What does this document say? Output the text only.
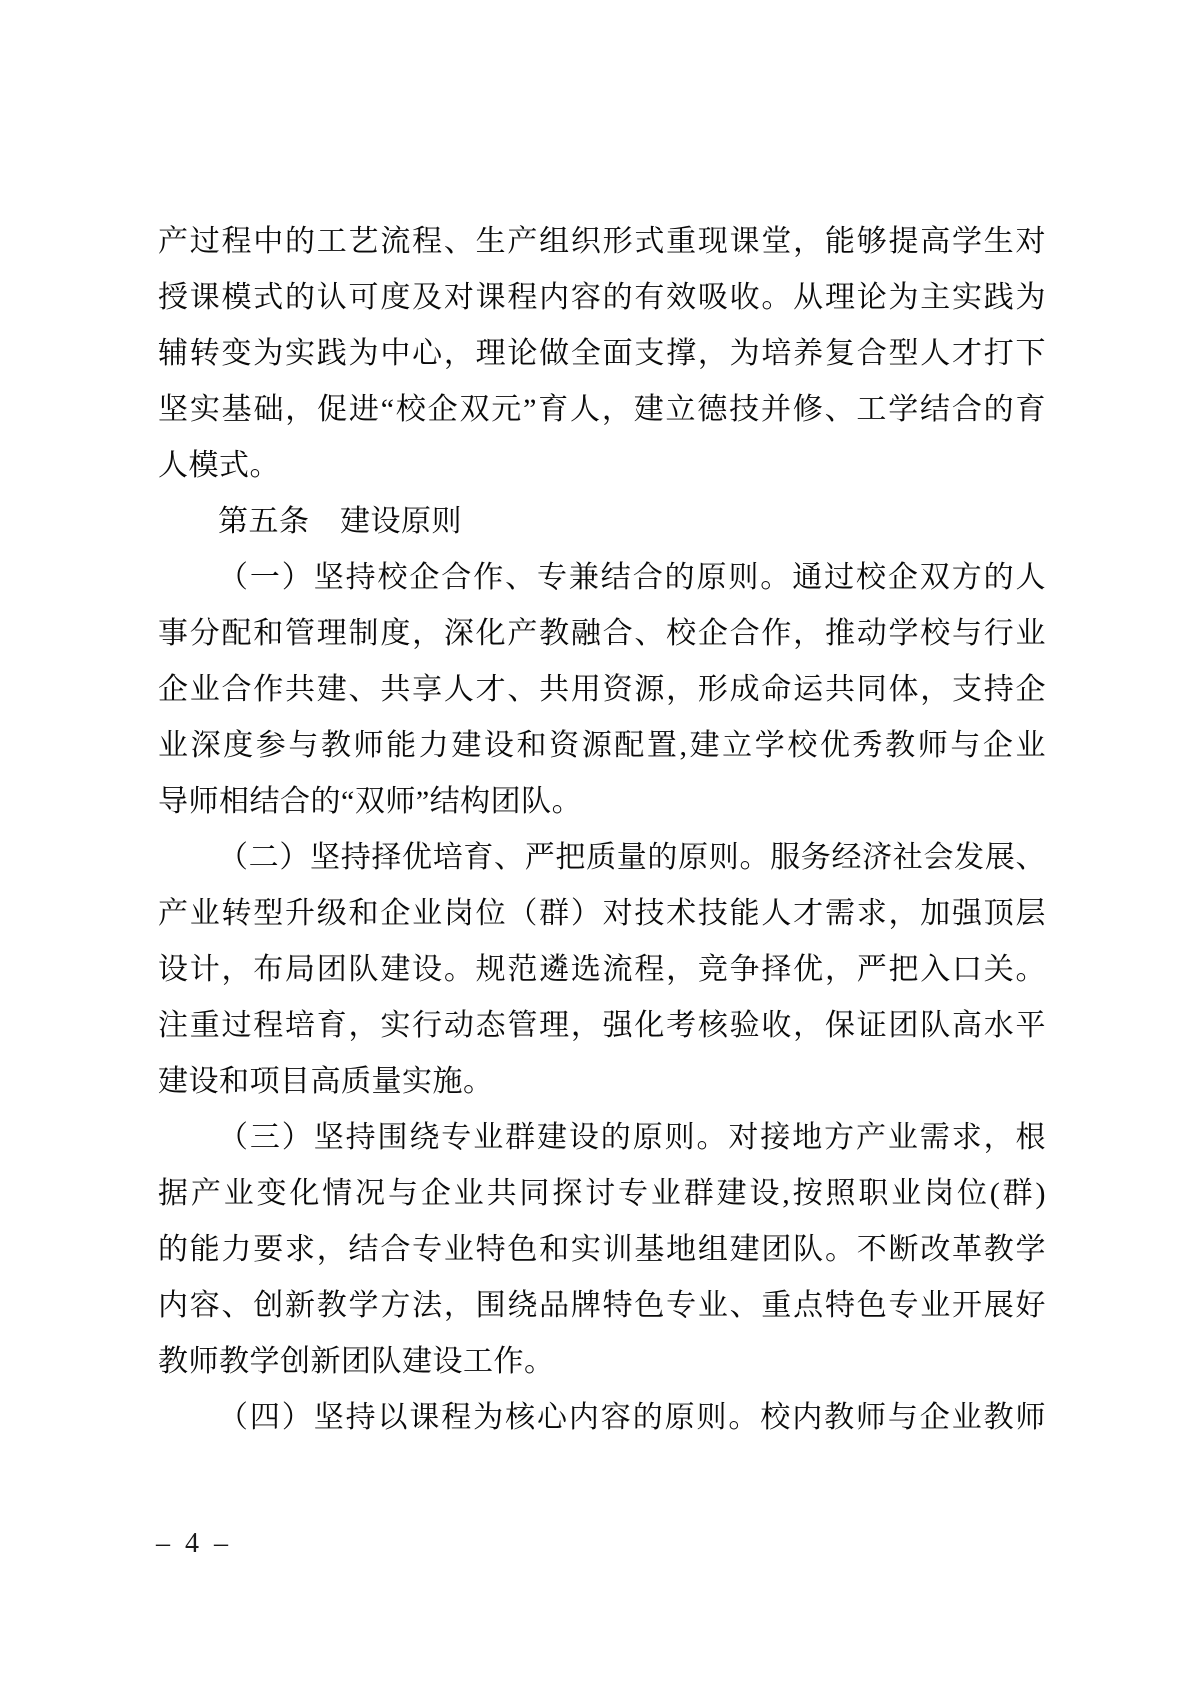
产过程中的工艺流程、生产组织形式重现课堂，能够提高学生对
授课模式的认可度及对课程内容的有效吸收。从理论为主实践为
辅转变为实践为中心，理论做全面支撑，为培养复合型人才打下
坚实基础，促进“校企双元”育人，建立德技并修、工学结合的育
人模式。
第五条　建设原则
（一）坚持校企合作、专兼结合的原则。通过校企双方的人
事分配和管理制度，深化产教融合、校企合作，推动学校与行业
企业合作共建、共享人才、共用资源，形成命运共同体，支持企
业深度参与教师能力建设和资源配置,建立学校优秀教师与企业
导师相结合的“双师”结构团队。
（二）坚持择优培育、严把质量的原则。服务经济社会发展、
产业转型升级和企业岗位（群）对技术技能人才需求，加强顶层
设计，布局团队建设。规范遴选流程，竞争择优，严把入口关。
注重过程培育，实行动态管理，强化考核验收，保证团队高水平
建设和项目高质量实施。
（三）坚持围绕专业群建设的原则。对接地方产业需求，根
据产业变化情况与企业共同探讨专业群建设,按照职业岗位(群)
的能力要求，结合专业特色和实训基地组建团队。不断改革教学
内容、创新教学方法，围绕品牌特色专业、重点特色专业开展好
教师教学创新团队建设工作。
（四）坚持以课程为核心内容的原则。校内教师与企业教师
– 4 –
